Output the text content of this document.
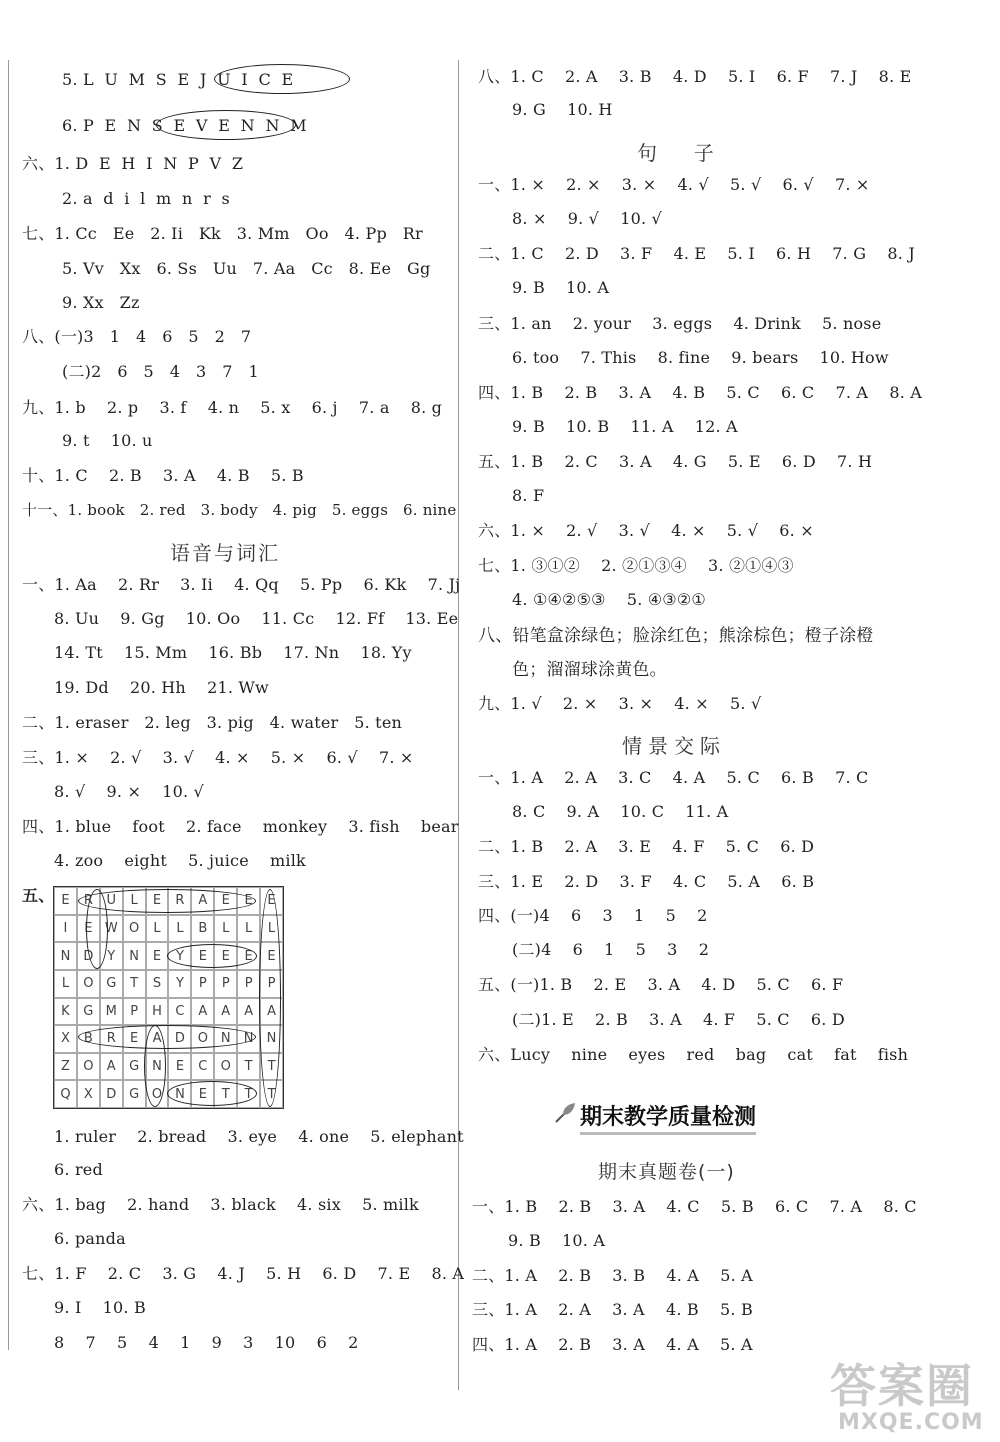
5. L  U  M  S  E  J  U  I  C  E
6. P  E  N  S  E  V  E  N  N  M
六、1. D  E  H  I  N  P  V  Z
2. a  d  i  l  m  n  r  s
七、1. Cc   Ee   2. Ii   Kk   3. Mm   Oo   4. Pp   Rr
5. Vv   Xx   6. Ss   Uu   7. Aa   Cc   8. Ee   Gg
9. Xx   Zz
八、(一)3   1   4   6   5   2   7
(二)2   6   5   4   3   7   1
九、1. b    2. p    3. f    4. n    5. x    6. j    7. a    8. g
9. t    10. u
十、1. C    2. B    3. A    4. B    5. B
十一、1. book   2. red   3. body   4. pig   5. eggs   6. nine
语音与词汇
一、1. Aa    2. Rr    3. Ii    4. Qq    5. Pp    6. Kk    7. Jj
8. Uu    9. Gg    10. Oo    11. Cc    12. Ff    13. Ee
14. Tt    15. Mm    16. Bb    17. Nn    18. Yy
19. Dd    20. Hh    21. Ww
二、1. eraser   2. leg   3. pig   4. water   5. ten
三、1. ×    2. √    3. √    4. ×    5. ×    6. √    7. ×
8. √    9. ×    10. √
四、1. blue    foot    2. face    monkey    3. fish    bear
4. zoo    eight    5. juice    milk
五、 E	R	U	L	E	R	A	E	E	E
I	E W O	L	L	B	L	L	L
N	D	Y	N	E	Y	E	E	E	E
L	O G	T	S	Y	P	P	P	P
K	G M	P	H	C	A	A	A	A
X	B	R	E	A	D O N	N	N
Z	O	A	G	N	E	C	O	T	T
Q	X	D G O N	E	T	T	T
1. ruler    2. bread    3. eye    4. one    5. elephant
6. red
六、1. bag    2. hand    3. black    4. six    5. milk
6. panda
七、1. F    2. C    3. G    4. J    5. H    6. D    7. E    8. A
9. I    10. B
8    7    5    4    1    9    3    10    6    2
八、1. C    2. A    3. B    4. D    5. I    6. F    7. J    8. E
9. G    10. H
句  子
一、1. ×    2. ×    3. ×    4. √    5. √    6. √    7. ×
8. ×    9. √    10. √
二、1. C    2. D    3. F    4. E    5. I    6. H    7. G    8. J
9. B    10. A
三、1. an    2. your    3. eggs    4. Drink    5. nose
6. too    7. This    8. fine    9. bears    10. How
四、1. B    2. B    3. A    4. B    5. C    6. C    7. A    8. A
9. B    10. B    11. A    12. A
五、1. B    2. C    3. A    4. G    5. E    6. D    7. H
8. F
六、1. ×    2. √    3. √    4. ×    5. √    6. ×
七、1. ③①②    2. ②①③④    3. ②①④③
4. ①④②⑤③    5. ④③②①
八、铅笔盒涂绿色；脸涂红色；熊涂棕色；橙子涂橙
色；溜溜球涂黄色。
九、1. √    2. ×    3. ×    4. ×    5. √
情景交际
一、1. A    2. A    3. C    4. A    5. C    6. B    7. C
8. C    9. A    10. C    11. A
二、1. B    2. A    3. E    4. F    5. C    6. D
三、1. E    2. D    3. F    4. C    5. A    6. B
四、(一)4    6    3    1    5    2
(二)4    6    1    5    3    2
五、(一)1. B    2. E    3. A    4. D    5. C    6. F
(二)1. E    2. B    3. A    4. F    5. C    6. D
六、Lucy    nine    eyes    red    bag    cat    fat    fish
期末教学质量检测
期末真题卷(一)
一、1. B    2. B    3. A    4. C    5. B    6. C    7. A    8. C
9. B    10. A
二、1. A    2. B    3. B    4. A    5. A
三、1. A    2. A    3. A    4. B    5. B
四、1. A    2. B    3. A    4. A    5. A
答案圈
MXQE.COM
